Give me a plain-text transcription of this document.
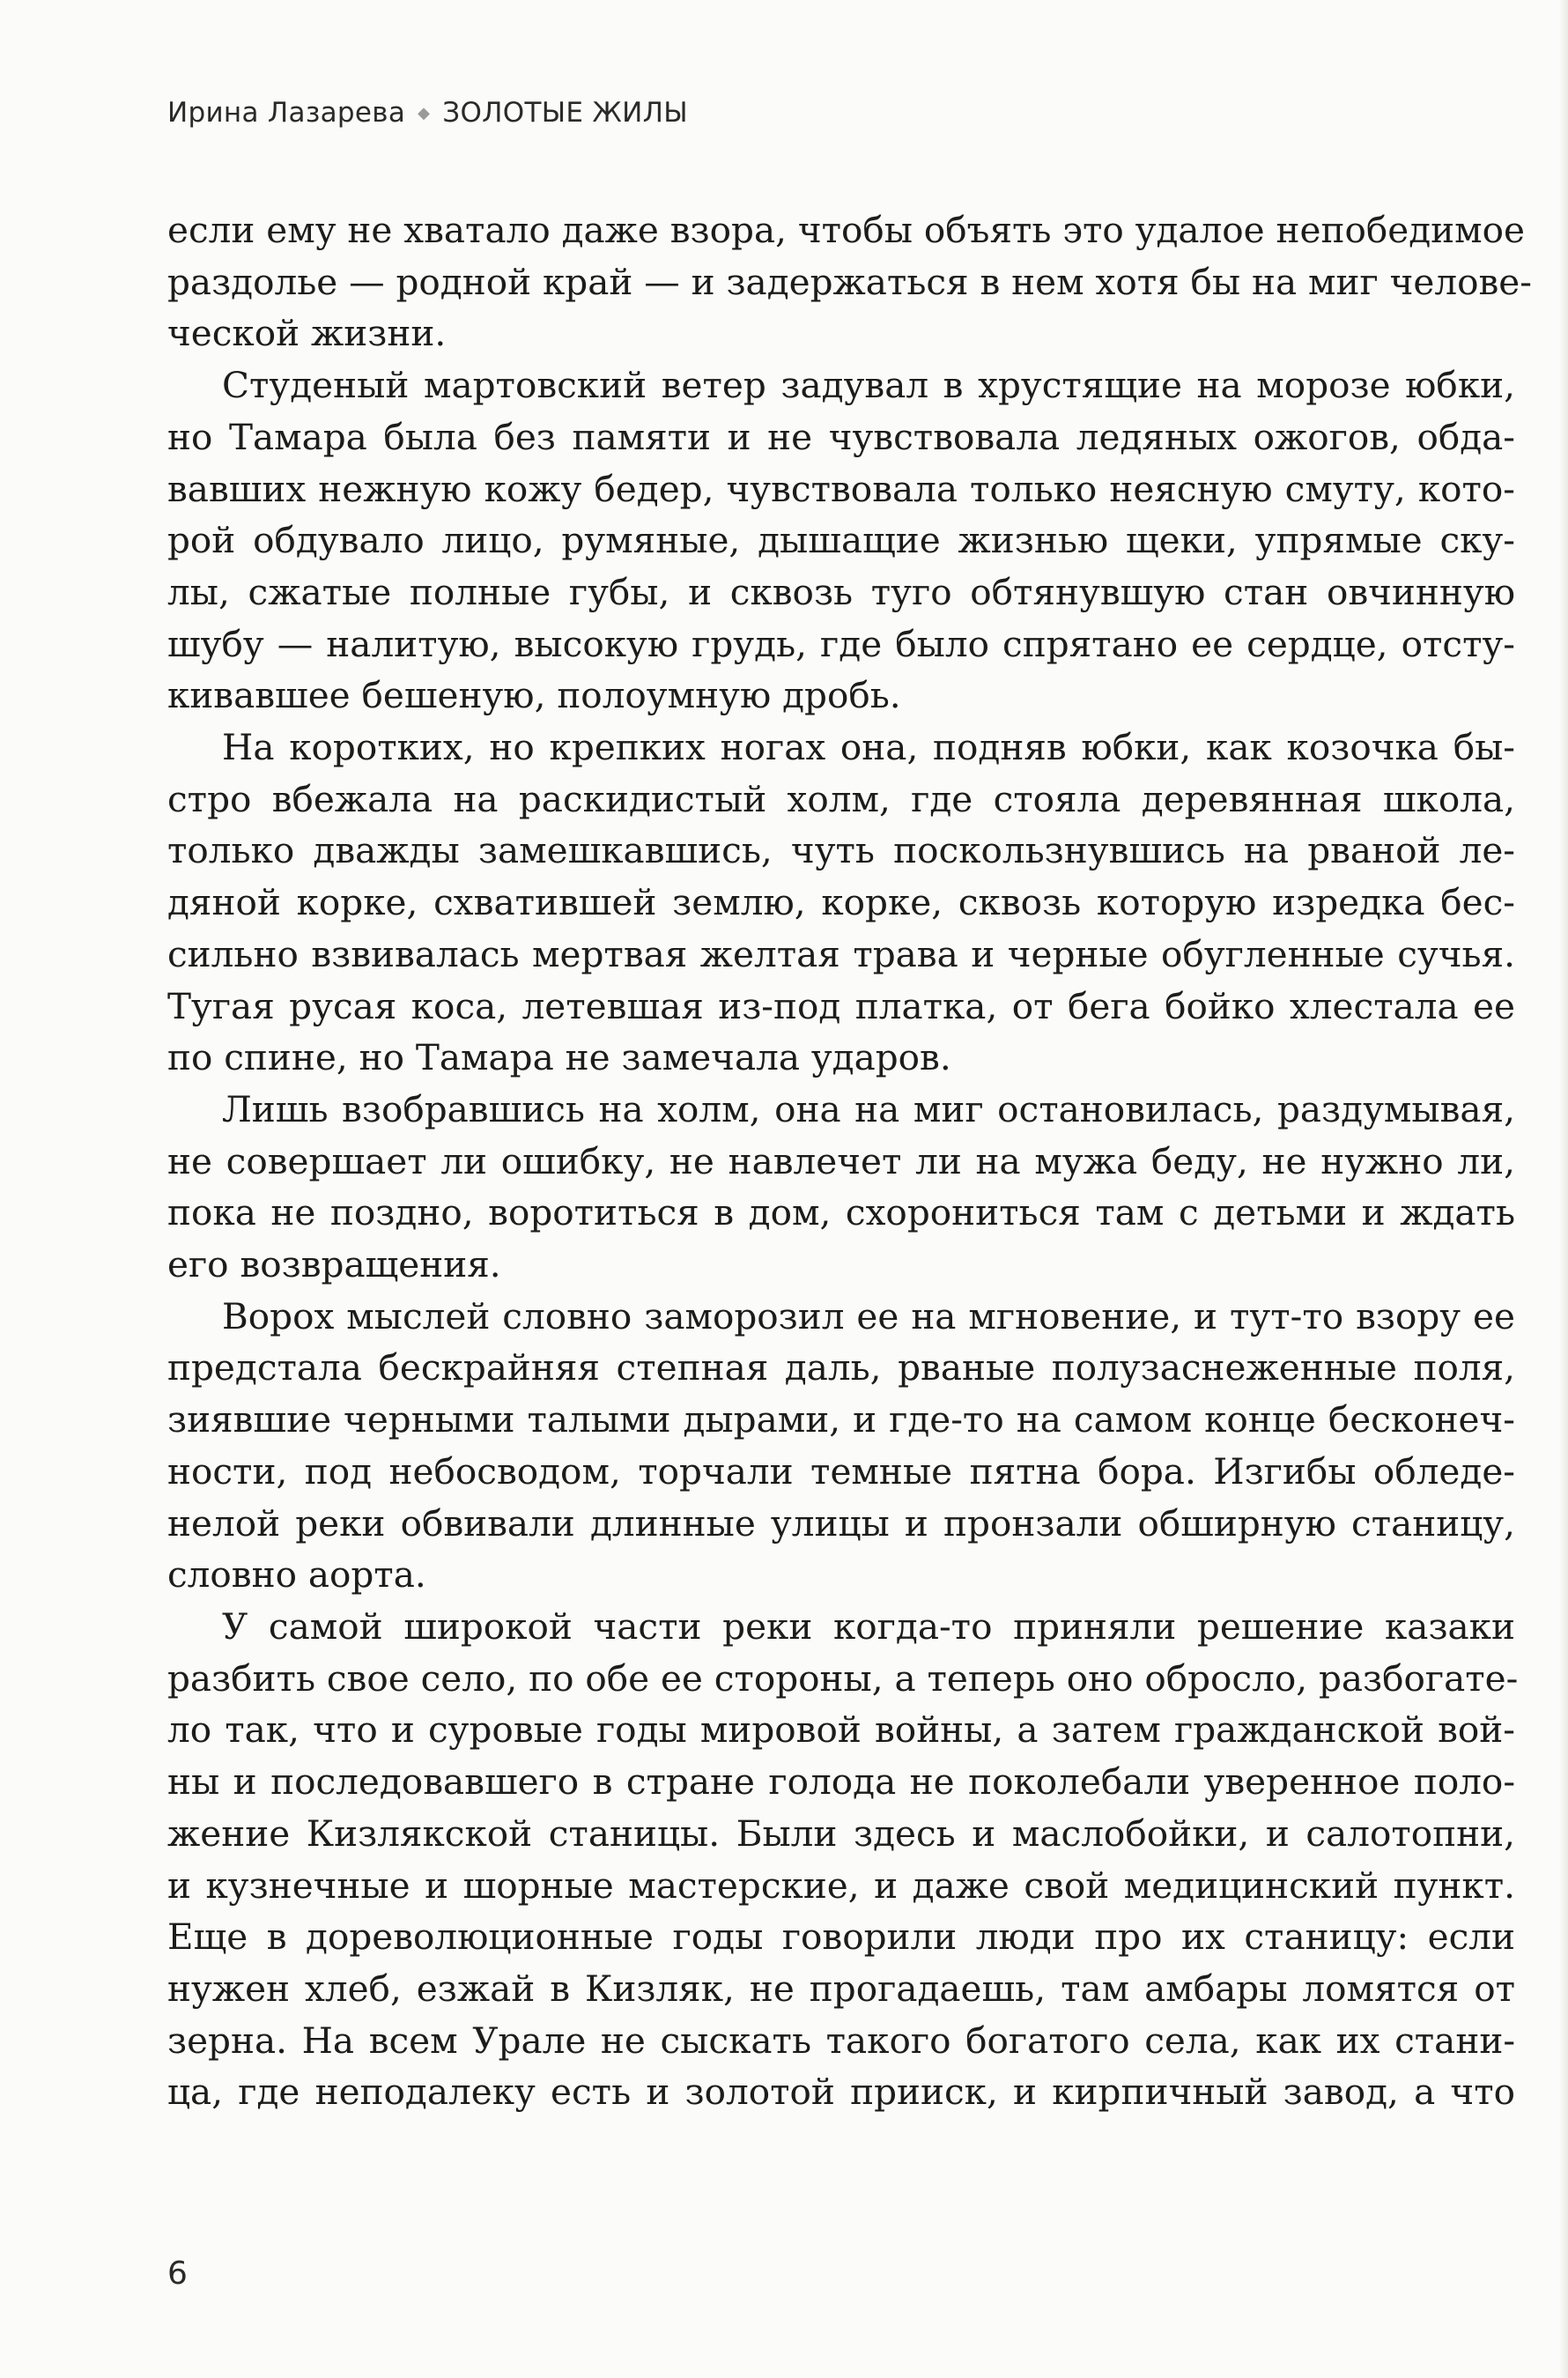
Ирина Лазарева ◆ ЗОЛОТЫЕ ЖИЛЫ
если ему не хватало даже взора, чтобы объять это удалое непобедимое
раздолье — родной край — и задержаться в нем хотя бы на миг челове-
ческой жизни.
Студеный мартовский ветер задувал в хрустящие на морозе юбки,
но Тамара была без памяти и не чувствовала ледяных ожогов, обда-
вавших нежную кожу бедер, чувствовала только неясную смуту, кото-
рой обдувало лицо, румяные, дышащие жизнью щеки, упрямые ску-
лы, сжатые полные губы, и сквозь туго обтянувшую стан овчинную
шубу — налитую, высокую грудь, где было спрятано ее сердце, отсту-
кивавшее бешеную, полоумную дробь.
На коротких, но крепких ногах она, подняв юбки, как козочка бы-
стро вбежала на раскидистый холм, где стояла деревянная школа,
только дважды замешкавшись, чуть поскользнувшись на рваной ле-
дяной корке, схватившей землю, корке, сквозь которую изредка бес-
сильно взвивалась мертвая желтая трава и черные обугленные сучья.
Тугая русая коса, летевшая из-под платка, от бега бойко хлестала ее
по спине, но Тамара не замечала ударов.
Лишь взобравшись на холм, она на миг остановилась, раздумывая,
не совершает ли ошибку, не навлечет ли на мужа беду, не нужно ли,
пока не поздно, воротиться в дом, схорониться там с детьми и ждать
его возвращения.
Ворох мыслей словно заморозил ее на мгновение, и тут-то взору ее
предстала бескрайняя степная даль, рваные полузаснеженные поля,
зиявшие черными талыми дырами, и где-то на самом конце бесконеч-
ности, под небосводом, торчали темные пятна бора. Изгибы обледе-
нелой реки обвивали длинные улицы и пронзали обширную станицу,
словно аорта.
У самой широкой части реки когда-то приняли решение казаки
разбить свое село, по обе ее стороны, а теперь оно обросло, разбогате-
ло так, что и суровые годы мировой войны, а затем гражданской вой-
ны и последовавшего в стране голода не поколебали уверенное поло-
жение Кизлякской станицы. Были здесь и маслобойки, и салотопни,
и кузнечные и шорные мастерские, и даже свой медицинский пункт.
Еще в дореволюционные годы говорили люди про их станицу: если
нужен хлеб, езжай в Кизляк, не прогадаешь, там амбары ломятся от
зерна. На всем Урале не сыскать такого богатого села, как их стани-
ца, где неподалеку есть и золотой прииск, и кирпичный завод, а что
6
